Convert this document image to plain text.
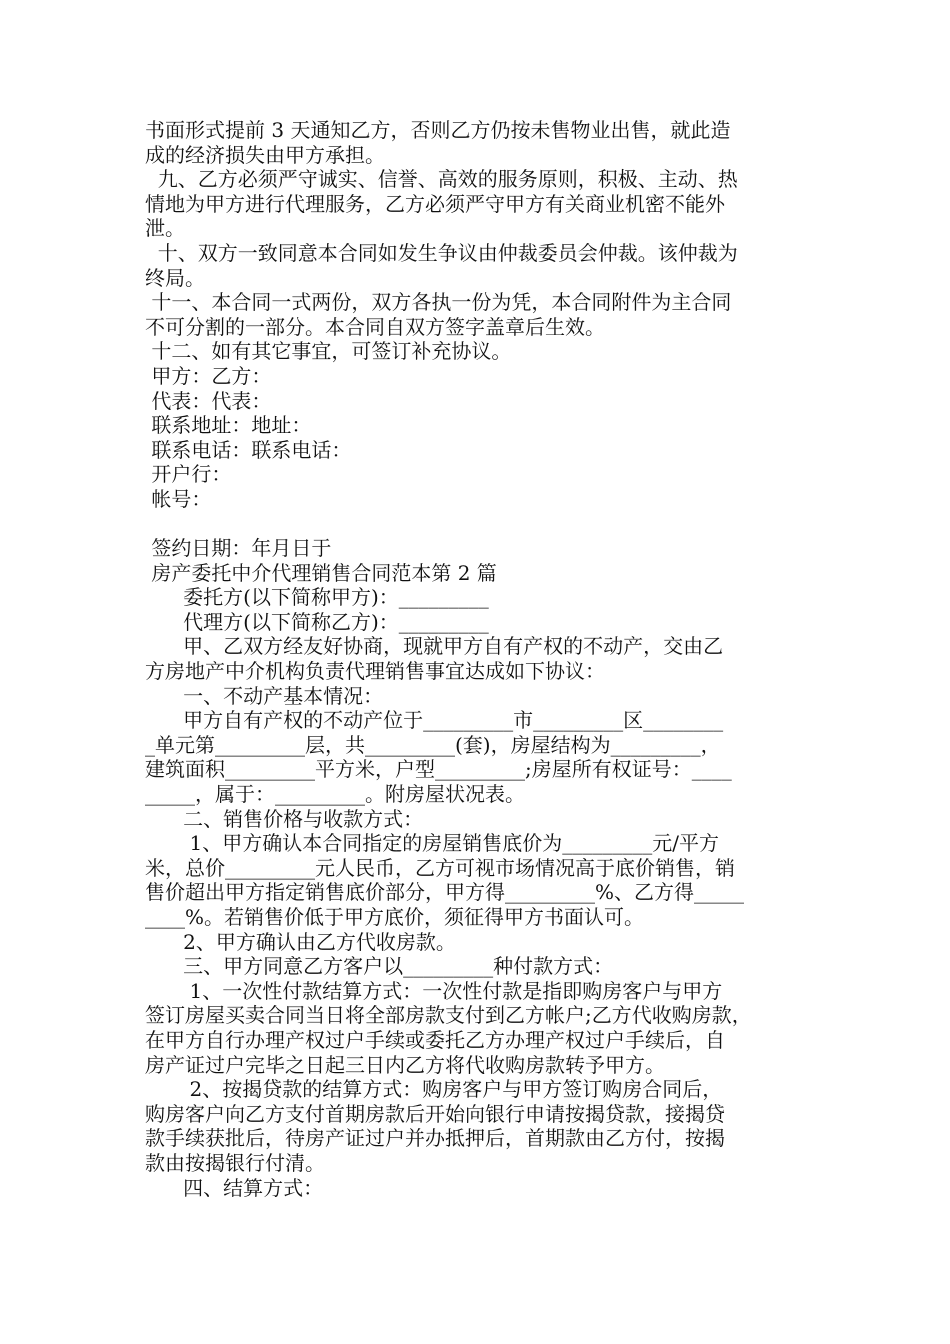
书面形式提前 3 天通知乙方，否则乙方仍按未售物业出售，就此造
成的经济损失由甲方承担。
九、乙方必须严守诚实、信誉、高效的服务原则，积极、主动、热
情地为甲方进行代理服务，乙方必须严守甲方有关商业机密不能外
泄。
十、双方一致同意本合同如发生争议由仲裁委员会仲裁。该仲裁为
终局。
十一、本合同一式两份，双方各执一份为凭，本合同附件为主合同
不可分割的一部分。本合同自双方签字盖章后生效。
十二、如有其它事宜，可签订补充协议。
甲方：乙方：
代表：代表：
联系地址：地址：
联系电话：联系电话：
开户行：
帐号：
签约日期：年月日于
房产委托中介代理销售合同范本第 2 篇
委托方(以下简称甲方)：_________
代理方(以下简称乙方)：_________
甲、乙双方经友好协商，现就甲方自有产权的不动产，交由乙
方房地产中介机构负责代理销售事宜达成如下协议：
一、不动产基本情况：
甲方自有产权的不动产位于_________市_________区________
_单元第_________层，共_________(套)，房屋结构为_________，
建筑面积_________平方米，户型_________;房屋所有权证号：____
_____，属于：_________。附房屋状况表。
二、销售价格与收款方式：
1、甲方确认本合同指定的房屋销售底价为_________元/平方
米，总价_________元人民币，乙方可视市场情况高于底价销售，销
售价超出甲方指定销售底价部分，甲方得_________%、乙方得_____
____%。若销售价低于甲方底价，须征得甲方书面认可。
2、甲方确认由乙方代收房款。
三、甲方同意乙方客户以_________种付款方式：
1、一次性付款结算方式：一次性付款是指即购房客户与甲方
签订房屋买卖合同当日将全部房款支付到乙方帐户;乙方代收购房款，
在甲方自行办理产权过户手续或委托乙方办理产权过户手续后，自
房产证过户完毕之日起三日内乙方将代收购房款转予甲方。
2、按揭贷款的结算方式：购房客户与甲方签订购房合同后，
购房客户向乙方支付首期房款后开始向银行申请按揭贷款，接揭贷
款手续获批后，待房产证过户并办抵押后，首期款由乙方付，按揭
款由按揭银行付清。
四、结算方式：
